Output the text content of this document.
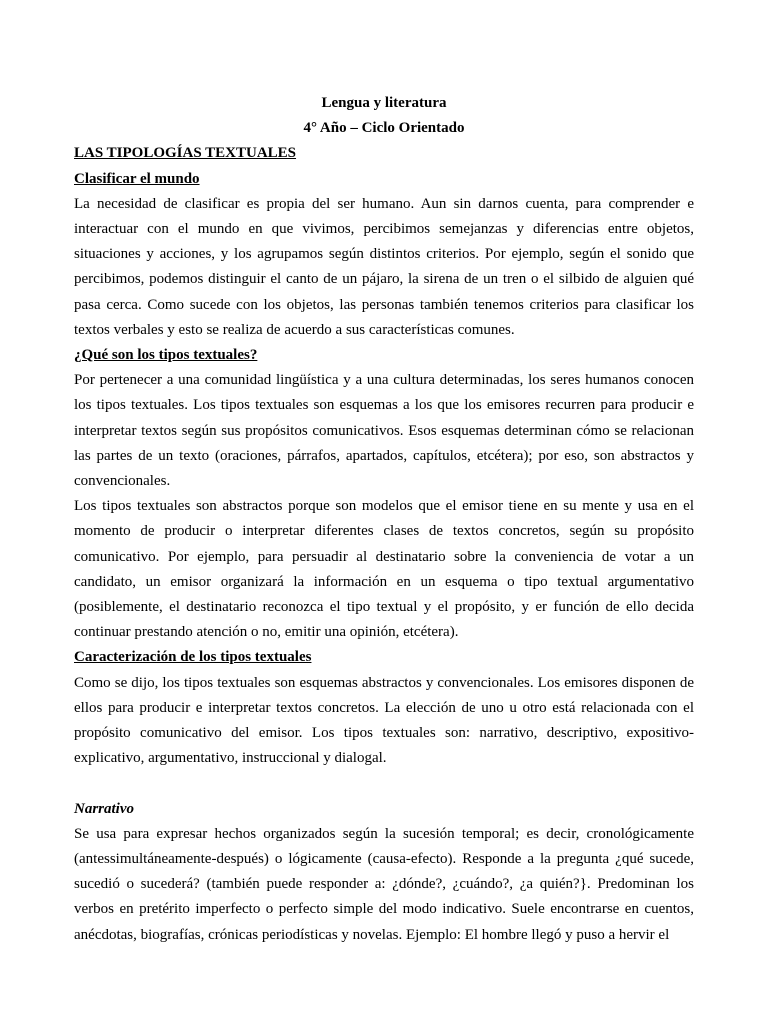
Lengua y literatura
4° Año – Ciclo Orientado
LAS TIPOLOGÍAS TEXTUALES
Clasificar el mundo

La necesidad de clasificar es propia del ser humano. Aun sin darnos cuenta, para comprender e interactuar con el mundo en que vivimos, percibimos semejanzas y diferencias entre objetos, situaciones y acciones, y los agrupamos según distintos criterios. Por ejemplo, según el sonido que percibimos, podemos distinguir el canto de un pájaro, la sirena de un tren o el silbido de alguien qué pasa cerca. Como sucede con los objetos, las personas también tenemos criterios para clasificar los textos verbales y esto se realiza de acuerdo a sus características comunes.

¿Qué son los tipos textuales?

Por pertenecer a una comunidad lingüística y a una cultura determinadas, los seres humanos conocen los tipos textuales. Los tipos textuales son esquemas a los que los emisores recurren para producir e interpretar textos según sus propósitos comunicativos. Esos esquemas determinan cómo se relacionan las partes de un texto (oraciones, párrafos, apartados, capítulos, etcétera); por eso, son abstractos y convencionales.

Los tipos textuales son abstractos porque son modelos que el emisor tiene en su mente y usa en el momento de producir o interpretar diferentes clases de textos concretos, según su propósito comunicativo. Por ejemplo, para persuadir al destinatario sobre la conveniencia de votar a un candidato, un emisor organizará la información en un esquema o tipo textual argumentativo (posiblemente, el destinatario reconozca el tipo textual y el propósito, y er función de ello decida continuar prestando atención o no, emitir una opinión, etcétera).

Caracterización de los tipos textuales

Como se dijo, los tipos textuales son esquemas abstractos y convencionales. Los emisores disponen de ellos para producir e interpretar textos concretos. La elección de uno u otro está relacionada con el propósito comunicativo del emisor. Los tipos textuales son: narrativo, descriptivo, expositivo-explicativo, argumentativo, instruccional y dialogal.

Narrativo

Se usa para expresar hechos organizados según la sucesión temporal; es decir, cronológicamente (antessimultáneamente-después) o lógicamente (causa-efecto). Responde a la pregunta ¿qué sucede, sucedió o sucederá? (también puede responder a: ¿dónde?, ¿cuándo?, ¿a quién?}. Predominan los verbos en pretérito imperfecto o perfecto simple del modo indicativo. Suele encontrarse en cuentos, anécdotas, biografías, crónicas periodísticas y novelas. Ejemplo: El hombre llegó y puso a hervir el
